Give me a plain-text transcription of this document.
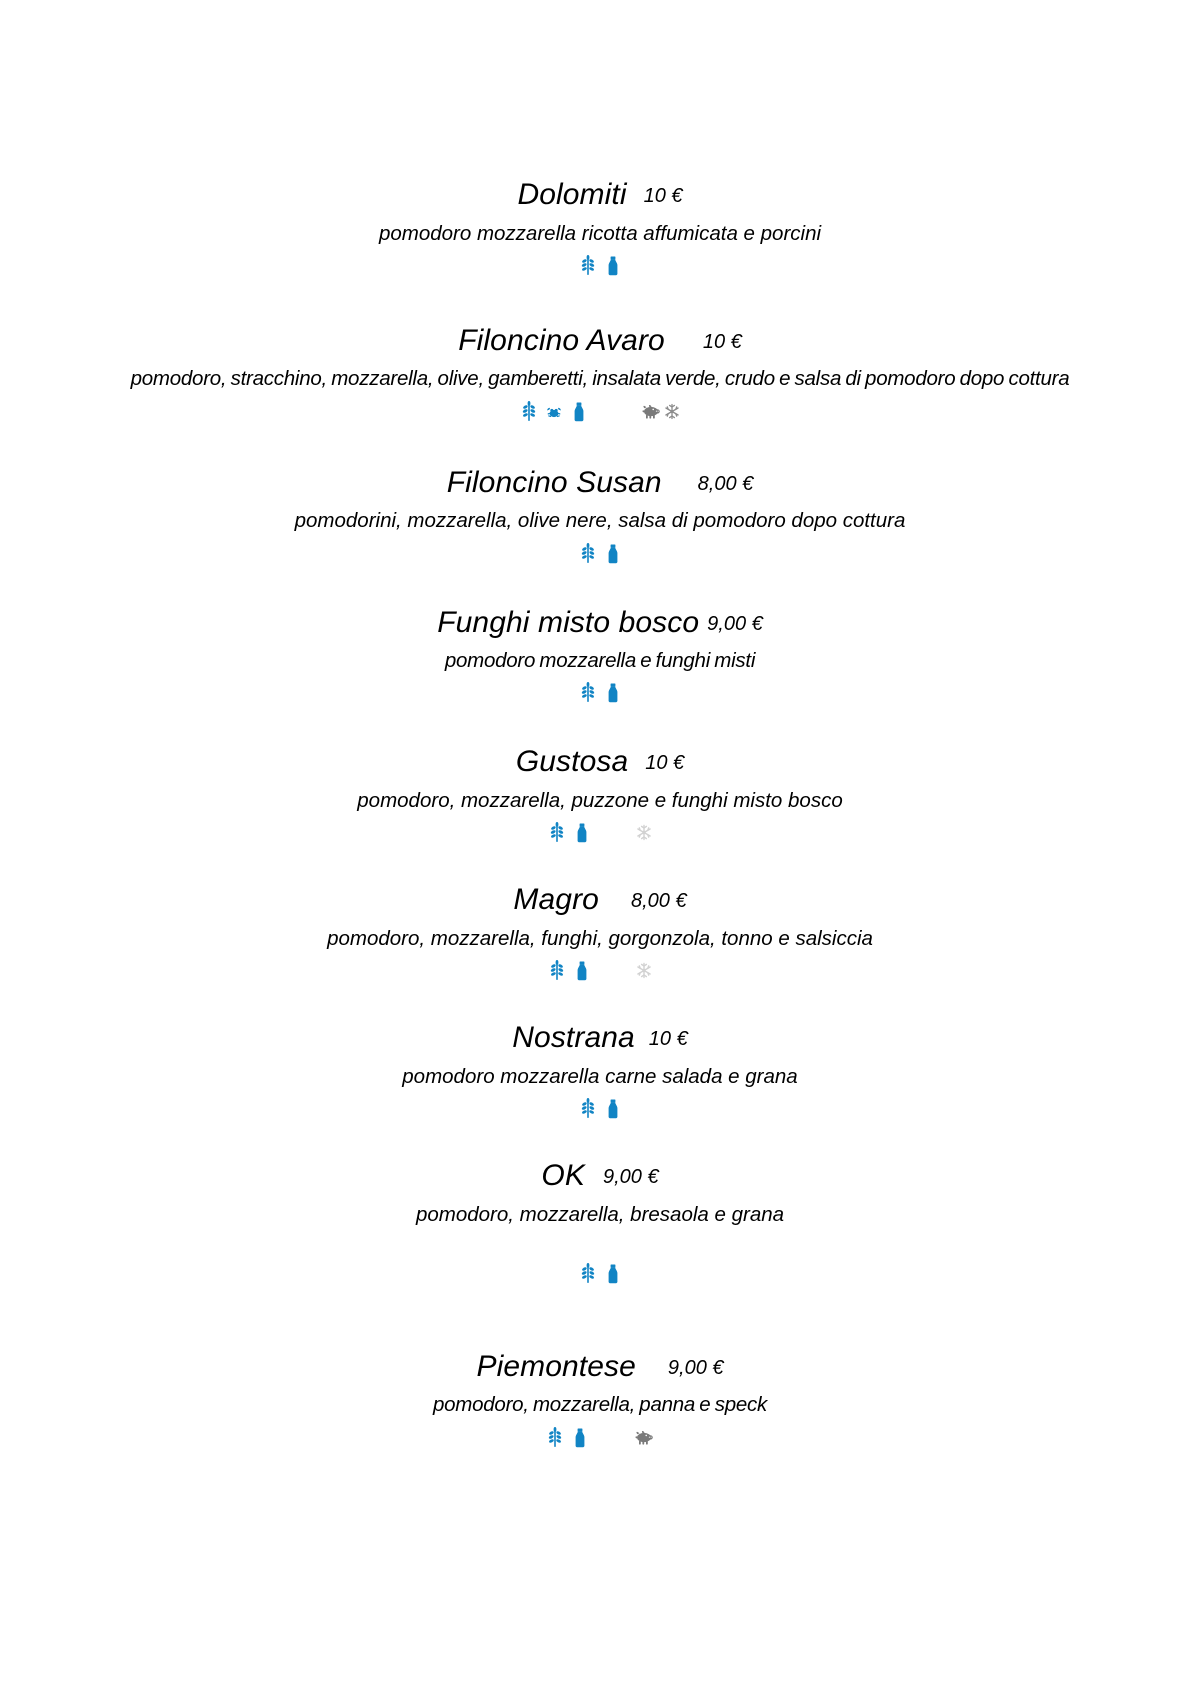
Dolomiti 10 €
pomodoro mozzarella ricotta affumicata e porcini
Filoncino Avaro 10 €
pomodoro, stracchino, mozzarella, olive, gamberetti, insalata verde, crudo e salsa di pomodoro dopo cottura
Filoncino Susan 8,00 €
pomodorini, mozzarella, olive nere, salsa di pomodoro dopo cottura
Funghi misto bosco 9,00 €
pomodoro mozzarella e funghi misti
Gustosa 10 €
pomodoro, mozzarella, puzzone e funghi misto bosco
Magro 8,00 €
pomodoro, mozzarella, funghi, gorgonzola, tonno e salsiccia
Nostrana 10 €
pomodoro mozzarella carne salada e grana
OK 9,00 €
pomodoro, mozzarella, bresaola e grana
Piemontese 9,00 €
pomodoro, mozzarella, panna e speck
